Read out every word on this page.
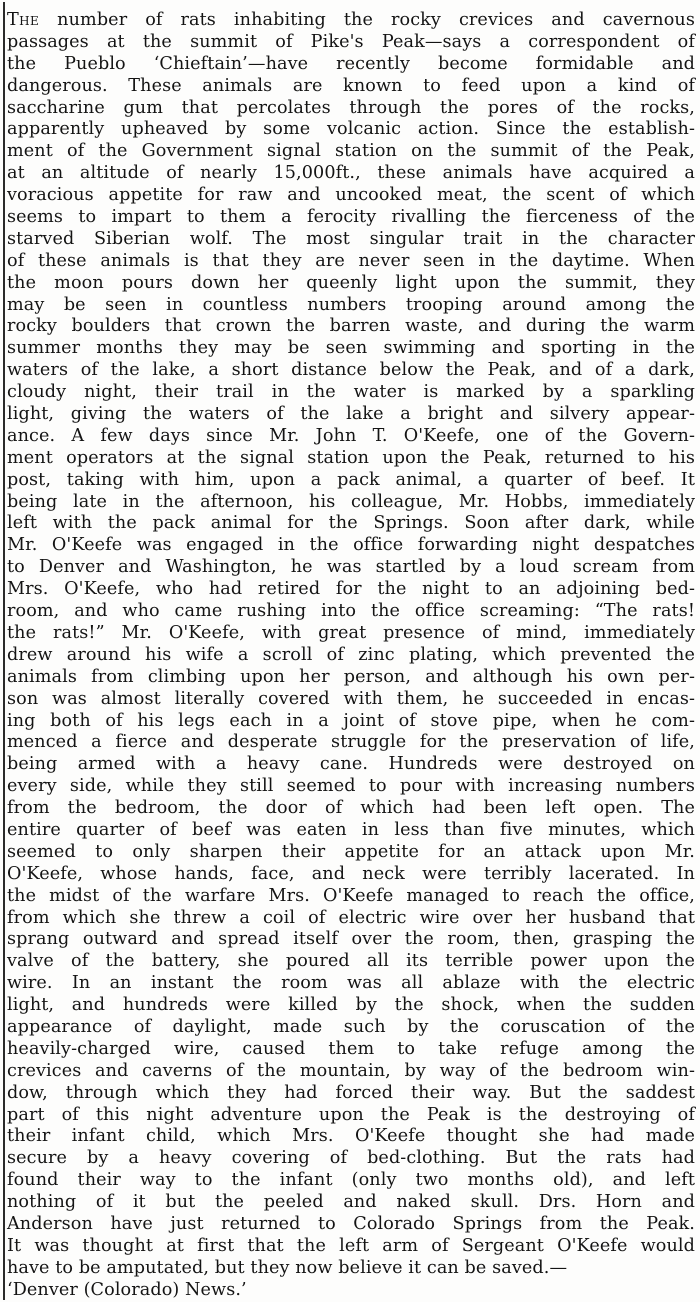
The number of rats inhabiting the rocky crevices and cavernous
passages at the summit of Pike's Peak—says a correspondent of
the Pueblo ‘Chieftain’—have recently become formidable and
dangerous. These animals are known to feed upon a kind of
saccharine gum that percolates through the pores of the rocks,
apparently upheaved by some volcanic action. Since the establish-
ment of the Government signal station on the summit of the Peak,
at an altitude of nearly 15,000ft., these animals have acquired a
voracious appetite for raw and uncooked meat, the scent of which
seems to impart to them a ferocity rivalling the fierceness of the
starved Siberian wolf. The most singular trait in the character
of these animals is that they are never seen in the daytime. When
the moon pours down her queenly light upon the summit, they
may be seen in countless numbers trooping around among the
rocky boulders that crown the barren waste, and during the warm
summer months they may be seen swimming and sporting in the
waters of the lake, a short distance below the Peak, and of a dark,
cloudy night, their trail in the water is marked by a sparkling
light, giving the waters of the lake a bright and silvery appear-
ance. A few days since Mr. John T. O'Keefe, one of the Govern-
ment operators at the signal station upon the Peak, returned to his
post, taking with him, upon a pack animal, a quarter of beef. It
being late in the afternoon, his colleague, Mr. Hobbs, immediately
left with the pack animal for the Springs. Soon after dark, while
Mr. O'Keefe was engaged in the office forwarding night despatches
to Denver and Washington, he was startled by a loud scream from
Mrs. O'Keefe, who had retired for the night to an adjoining bed-
room, and who came rushing into the office screaming: “The rats!
the rats!” Mr. O'Keefe, with great presence of mind, immediately
drew around his wife a scroll of zinc plating, which prevented the
animals from climbing upon her person, and although his own per-
son was almost literally covered with them, he succeeded in encas-
ing both of his legs each in a joint of stove pipe, when he com-
menced a fierce and desperate struggle for the preservation of life,
being armed with a heavy cane. Hundreds were destroyed on
every side, while they still seemed to pour with increasing numbers
from the bedroom, the door of which had been left open. The
entire quarter of beef was eaten in less than five minutes, which
seemed to only sharpen their appetite for an attack upon Mr.
O'Keefe, whose hands, face, and neck were terribly lacerated. In
the midst of the warfare Mrs. O'Keefe managed to reach the office,
from which she threw a coil of electric wire over her husband that
sprang outward and spread itself over the room, then, grasping the
valve of the battery, she poured all its terrible power upon the
wire. In an instant the room was all ablaze with the electric
light, and hundreds were killed by the shock, when the sudden
appearance of daylight, made such by the coruscation of the
heavily-charged wire, caused them to take refuge among the
crevices and caverns of the mountain, by way of the bedroom win-
dow, through which they had forced their way. But the saddest
part of this night adventure upon the Peak is the destroying of
their infant child, which Mrs. O'Keefe thought she had made
secure by a heavy covering of bed-clothing. But the rats had
found their way to the infant (only two months old), and left
nothing of it but the peeled and naked skull. Drs. Horn and
Anderson have just returned to Colorado Springs from the Peak.
It was thought at first that the left arm of Sergeant O'Keefe would
have to be amputated, but they now believe it can be saved.—
‘Denver (Colorado) News.’
